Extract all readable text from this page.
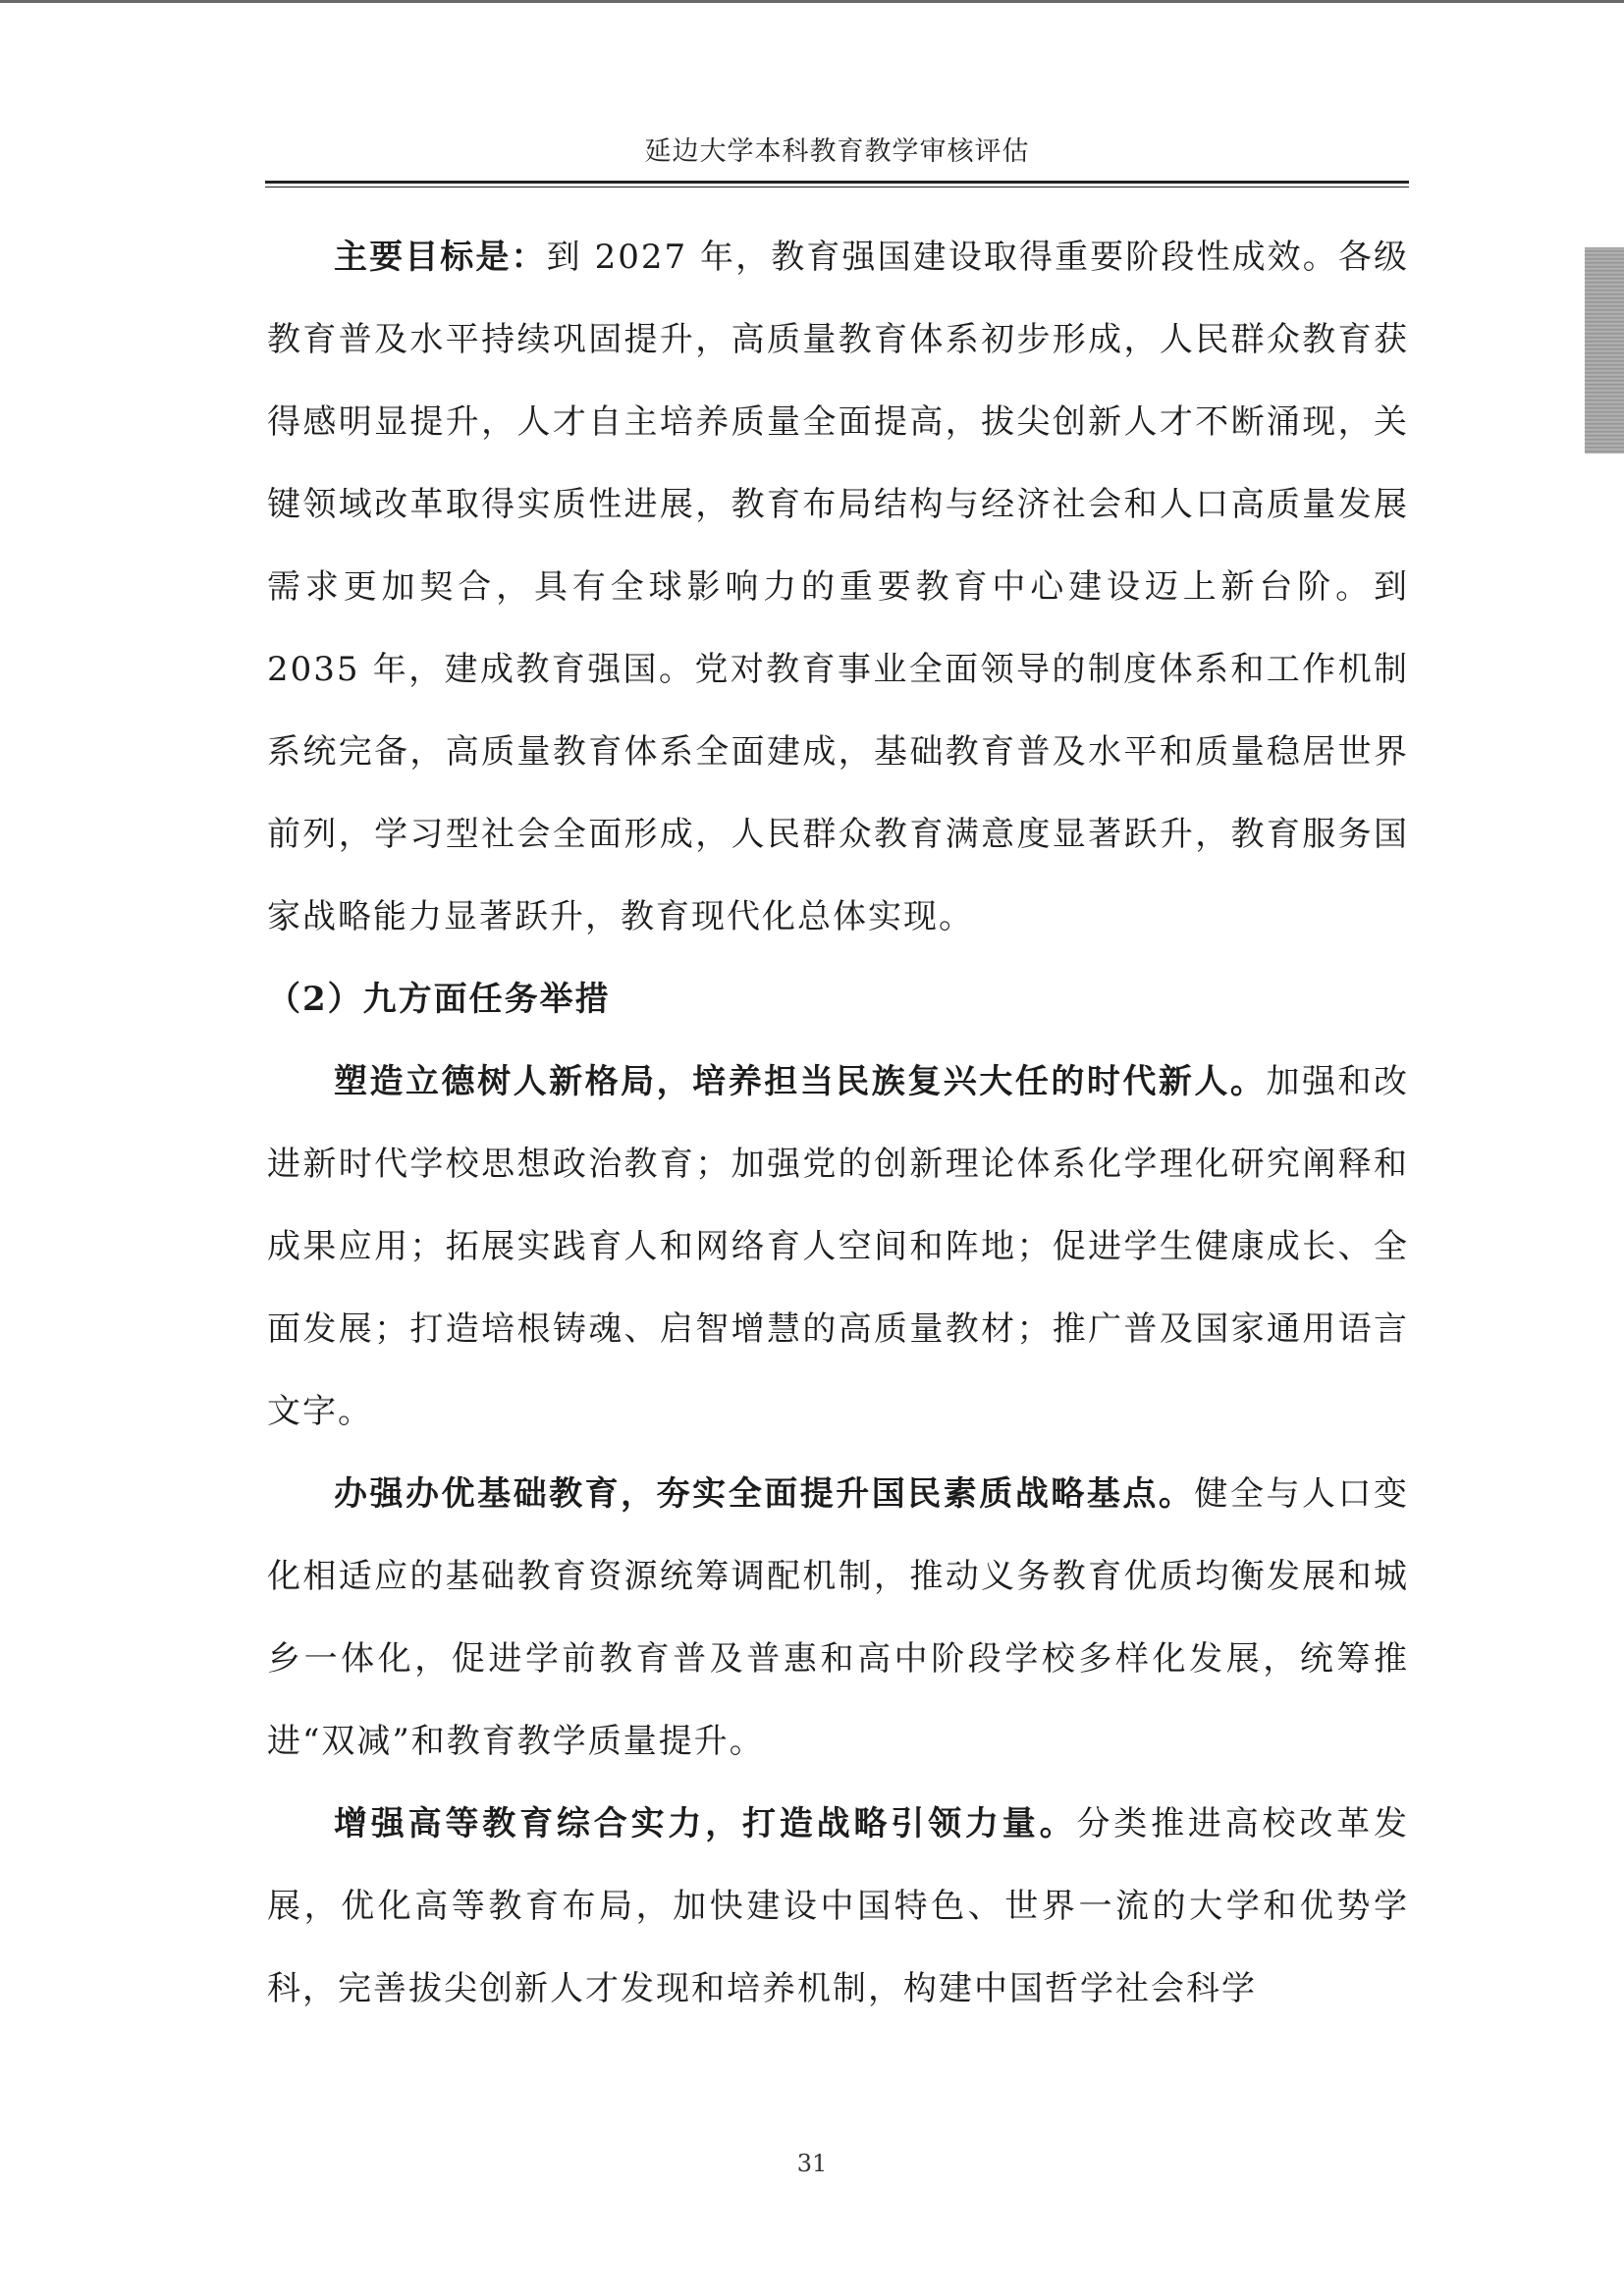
延边大学本科教育教学审核评估

主要目标是：到 2027 年，教育强国建设取得重要阶段性成效。各级教育普及水平持续巩固提升，高质量教育体系初步形成，人民群众教育获得感明显提升，人才自主培养质量全面提高，拔尖创新人才不断涌现，关键领域改革取得实质性进展，教育布局结构与经济社会和人口高质量发展需求更加契合，具有全球影响力的重要教育中心建设迈上新台阶。到 2035 年，建成教育强国。党对教育事业全面领导的制度体系和工作机制系统完备，高质量教育体系全面建成，基础教育普及水平和质量稳居世界前列，学习型社会全面形成，人民群众教育满意度显著跃升，教育服务国家战略能力显著跃升，教育现代化总体实现。

（2）九方面任务举措

塑造立德树人新格局，培养担当民族复兴大任的时代新人。加强和改进新时代学校思想政治教育；加强党的创新理论体系化学理化研究阐释和成果应用；拓展实践育人和网络育人空间和阵地；促进学生健康成长、全面发展；打造培根铸魂、启智增慧的高质量教材；推广普及国家通用语言文字。

办强办优基础教育，夯实全面提升国民素质战略基点。健全与人口变化相适应的基础教育资源统筹调配机制，推动义务教育优质均衡发展和城乡一体化，促进学前教育普及普惠和高中阶段学校多样化发展，统筹推进“双减”和教育教学质量提升。

增强高等教育综合实力，打造战略引领力量。分类推进高校改革发展，优化高等教育布局，加快建设中国特色、世界一流的大学和优势学科，完善拔尖创新人才发现和培养机制，构建中国哲学社会科学

31
